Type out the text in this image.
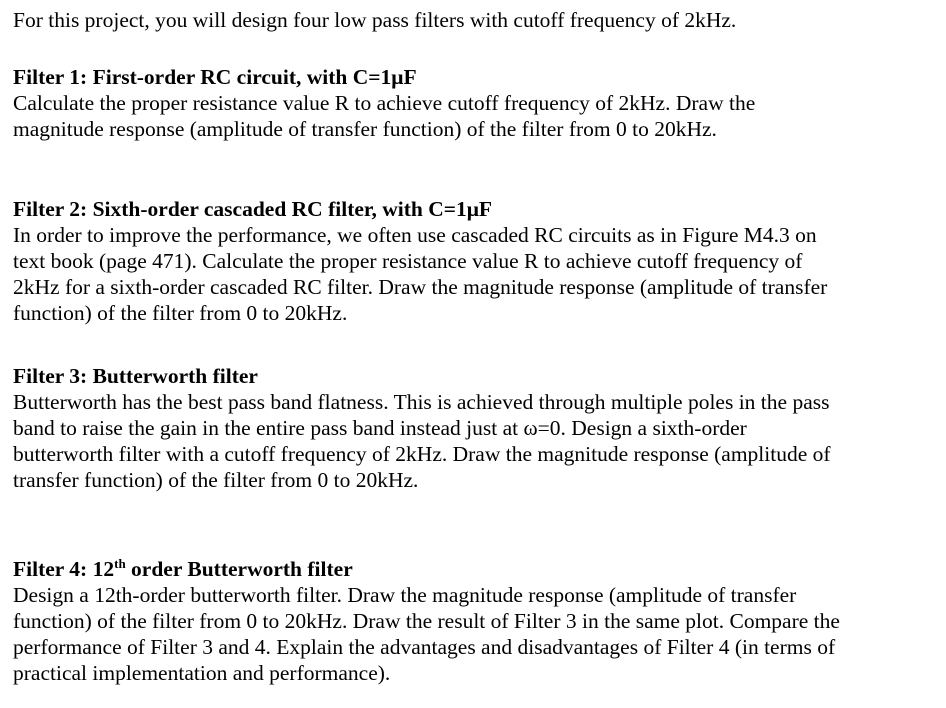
For this project, you will design four low pass filters with cutoff frequency of 2kHz.

Filter 1: First-order RC circuit, with C=1μF

Calculate the proper resistance value R to achieve cutoff frequency of 2kHz. Draw the
magnitude response (amplitude of transfer function) of the filter from 0 to 20kHz.

Filter 2: Sixth-order cascaded RC filter, with C=1μF

In order to improve the performance, we often use cascaded RC circuits as in Figure M4.3 on
text book (page 471). Calculate the proper resistance value R to achieve cutoff frequency of
2kHz for a sixth-order cascaded RC filter. Draw the magnitude response (amplitude of transfer
function) of the filter from 0 to 20kHz.

Filter 3: Butterworth filter

Butterworth has the best pass band flatness. This is achieved through multiple poles in the pass
band to raise the gain in the entire pass band instead just at ω=0. Design a sixth-order
butterworth filter with a cutoff frequency of 2kHz. Draw the magnitude response (amplitude of
transfer function) of the filter from 0 to 20kHz.

Filter 4: 12th order Butterworth filter

Design a 12th-order butterworth filter. Draw the magnitude response (amplitude of transfer
function) of the filter from 0 to 20kHz. Draw the result of Filter 3 in the same plot. Compare the
performance of Filter 3 and 4. Explain the advantages and disadvantages of Filter 4 (in terms of
practical implementation and performance).
